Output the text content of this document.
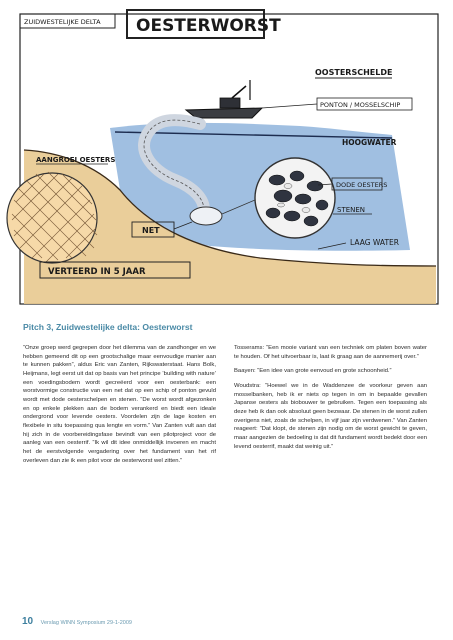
ZUIDWESTELIJKE DELTA OESTERWORST
OOSTERSCHELDE
PONTON / MOSSELSCHIP
HOOGWATER
AANGROEI OESTERS
DODE OESTERS
STENEN
NET
LAAG WATER
VERTEERD IN 5 JAAR
Pitch 3, Zuidwestelijke delta: Oesterworst

“Onze groep werd gegrepen door het dilemma van de zandhonger en we hebben gemeend dit op een grootschalige maar eenvoudige manier aan te kunnen pakken”, aldus Eric van Zanten, Rijkswaterstaat. Hans Bolk, Heijmans, legt eerst uit dat op basis van het principe ‘building with nature’ een voedingsbodem wordt gecreëerd voor een oesterbank: een worstvormige constructie van een net dat op een schip of ponton gevuld wordt met dode oesterschelpen en stenen. “De worst wordt afgezonken en op enkele plekken aan de bodem verankerd en biedt een ideale ondergrond voor levende oesters. Voordelen zijn de lage kosten en flexibele in situ toepassing qua lengte en vorm.” Van Zanten vult aan dat hij zich in de voorbereidingsfase bevindt van een pilotproject voor de aanleg van een oesterrif. “Ik wil dit idee onmiddellijk invoeren en macht het de eerstvolgende vergadering over het fundament van het rif overleven dan zie ik een pilot voor de oesterworst wel zitten.”

Tosserams: “Een mooie variant van een techniek om platen boven water te houden. Of het uitvoerbaar is, laat ik graag aan de aannemerij over.”

Baayen: “Een idee van grote eenvoud en grote schoonheid.”

Woudstra: “Hoewel we in de Waddenzee de voorkeur geven aan mosselbanken, heb ik er niets op tegen in om in bepaalde gevallen Japanse oesters als biobouwer te gebruiken. Tegen een toepassing als deze heb ik dan ook absoluut geen bezwaar. De stenen in de worst zullen overigens niet, zoals de schelpen, in vijf jaar zijn verdwenen.” Van Zanten reageert: “Dat klopt, de stenen zijn nodig om de worst gewicht te geven, maar aangezien de bedoeling is dat dit fundament wordt bedekt door een levend oesterrif, maakt dat weinig uit.”

10 Verslag WINN Symposium 29-1-2009
